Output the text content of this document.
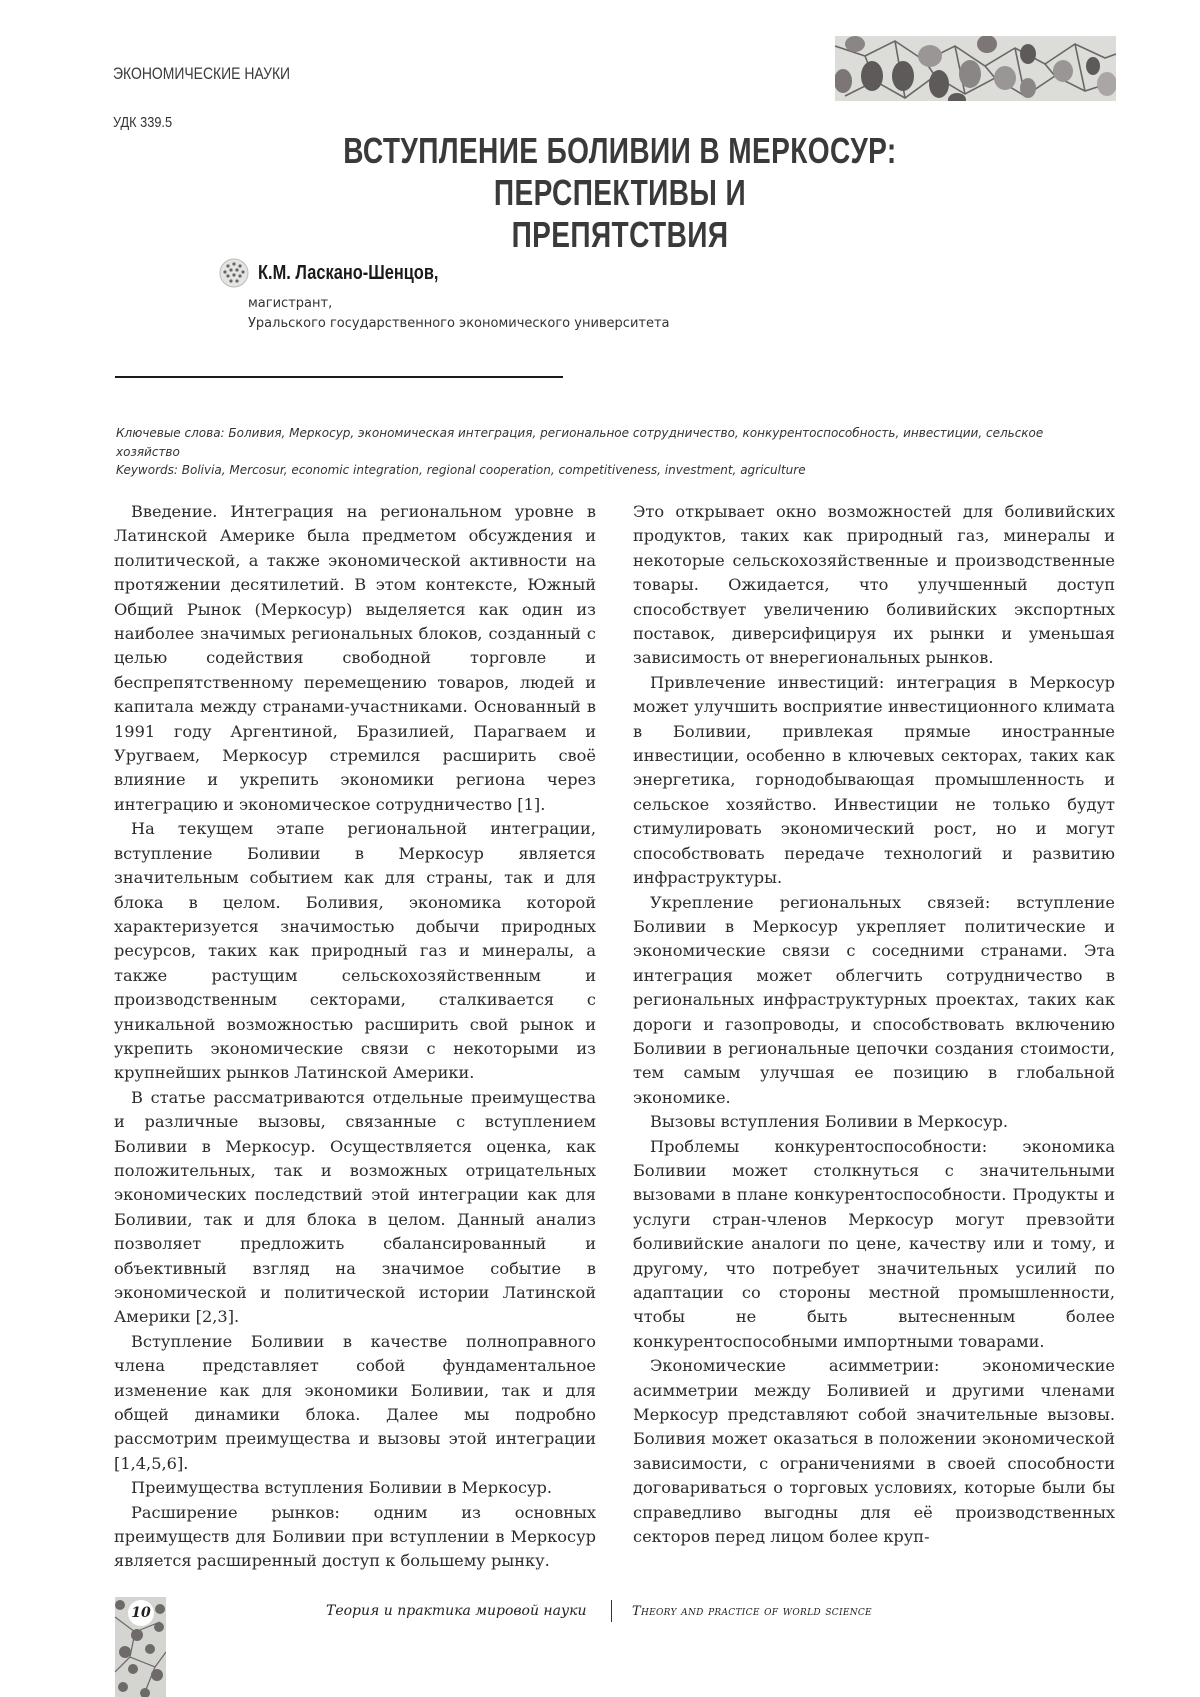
ЭКОНОМИЧЕСКИЕ НАУКИ
УДК 339.5
ВСТУПЛЕНИЕ БОЛИВИИ В МЕРКОСУР: ПЕРСПЕКТИВЫ И
ПРЕПЯТСТВИЯ
К.М. Ласкано-Шенцов,
магистрант,
Уральского государственного экономического университета

Ключевые слова: Боливия, Меркосур, экономическая интеграция, региональное сотрудничество, конкурентоспособность, инвестиции, сельское

хозяйство

Keywords: Bolivia, Mercosur, economic integration, regional cooperation, competitiveness, investment, agriculture

Введение. Интеграция на региональном уровне в Латинской Америке была предметом обсуждения и политической, а также экономической активности на протяжении десятилетий. В этом контексте, Южный Общий Рынок (Меркосур) выделяется как один из наиболее значимых региональных блоков, созданный с целью содействия свободной торговле и беспрепятственному перемещению товаров, людей и капитала между странами-участниками. Основанный в 1991 году Аргентиной, Бразилией, Парагваем и Уругваем, Меркосур стремился расширить своё влияние и укрепить экономики региона через интеграцию и экономическое сотрудничество [1].

На текущем этапе региональной интеграции, вступление Боливии в Меркосур является значительным событием как для страны, так и для блока в целом. Боливия, экономика которой характеризуется значимостью добычи природных ресурсов, таких как природный газ и минералы, а также растущим сельскохозяйственным и производственным секторами, сталкивается с уникальной возможностью расширить свой рынок и укрепить экономические связи с некоторыми из крупнейших рынков Латинской Америки.

В статье рассматриваются отдельные преимущества и различные вызовы, связанные с вступлением Боливии в Меркосур. Осуществляется оценка, как положительных, так и возможных отрицательных экономических последствий этой интеграции как для Боливии, так и для блока в целом. Данный анализ позволяет предложить сбалансированный и объективный взгляд на значимое событие в экономической и политической истории Латинской Америки [2,3].

Вступление Боливии в качестве полноправного члена представляет собой фундаментальное изменение как для экономики Боливии, так и для общей динамики блока. Далее мы подробно рассмотрим преимущества и вызовы этой интеграции [1,4,5,6].

Преимущества вступления Боливии в Меркосур.

Расширение рынков: одним из основных преимуществ для Боливии при вступлении в Меркосур является расширенный доступ к большему рынку.

Это открывает окно возможностей для боливийских продуктов, таких как природный газ, минералы и некоторые сельскохозяйственные и производственные товары. Ожидается, что улучшенный доступ способствует увеличению боливийских экспортных поставок, диверсифицируя их рынки и уменьшая зависимость от внерегиональных рынков.

Привлечение инвестиций: интеграция в Меркосур может улучшить восприятие инвестиционного климата в Боливии, привлекая прямые иностранные инвестиции, особенно в ключевых секторах, таких как энергетика, горнодобывающая промышленность и сельское хозяйство. Инвестиции не только будут стимулировать экономический рост, но и могут способствовать передаче технологий и развитию инфраструктуры.

Укрепление региональных связей: вступление Боливии в Меркосур укрепляет политические и экономические связи с соседними странами. Эта интеграция может облегчить сотрудничество в региональных инфраструктурных проектах, таких как дороги и газопроводы, и способствовать включению Боливии в региональные цепочки создания стоимости, тем самым улучшая ее позицию в глобальной экономике.

Вызовы вступления Боливии в Меркосур.

Проблемы конкурентоспособности: экономика Боливии может столкнуться с значительными вызовами в плане конкурентоспособности. Продукты и услуги стран-членов Меркосур могут превзойти боливийские аналоги по цене, качеству или и тому, и другому, что потребует значительных усилий по адаптации со стороны местной промышленности, чтобы не быть вытесненным более конкурентоспособными импортными товарами.

Экономические асимметрии: экономические асимметрии между Боливией и другими членами Меркосур представляют собой значительные вызовы. Боливия может оказаться в положении экономической зависимости, с ограничениями в своей способности договариваться о торговых условиях, которые были бы справедливо выгодны для её производственных секторов перед лицом более круп-

10	Теория и практика мировой науки	Theory and practice of world science
